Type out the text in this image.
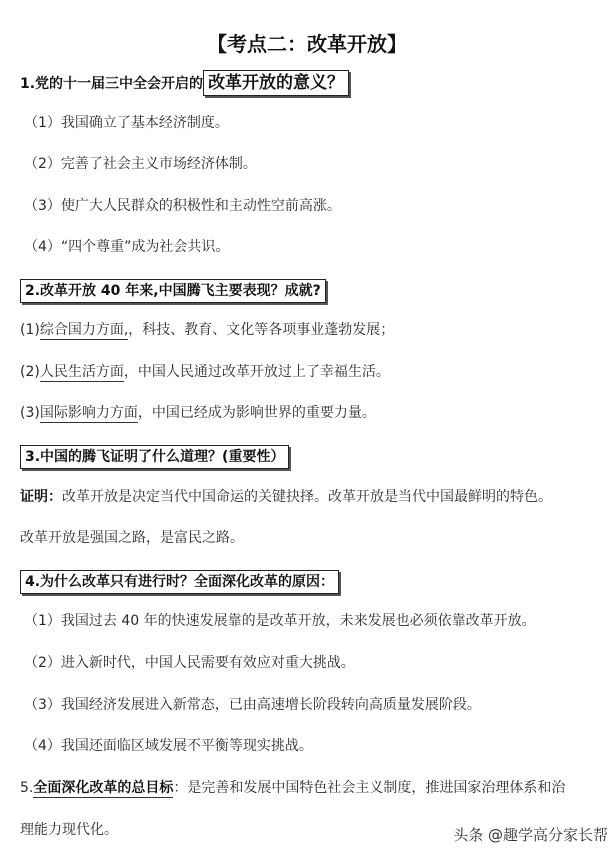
【考点二：改革开放】
1.党的十一届三中全会开启的 改革开放的意义？
（1）我国确立了基本经济制度。
（2）完善了社会主义市场经济体制。
（3）使广大人民群众的积极性和主动性空前高涨。
（4）“四个尊重”成为社会共识。
2.改革开放 40 年来,中国腾飞主要表现？成就?
(1)综合国力方面,，科技、教育、文化等各项事业蓬勃发展；
(2)人民生活方面，中国人民通过改革开放过上了幸福生活。
(3)国际影响力方面，中国已经成为影响世界的重要力量。
3.中国的腾飞证明了什么道理？(重要性）
证明：改革开放是决定当代中国命运的关键抉择。改革开放是当代中国最鲜明的特色。
改革开放是强国之路，是富民之路。
4.为什么改革只有进行时？全面深化改革的原因：
（1）我国过去 40 年的快速发展靠的是改革开放，未来发展也必须依靠改革开放。
（2）进入新时代，中国人民需要有效应对重大挑战。
（3）我国经济发展进入新常态，已由高速增长阶段转向高质量发展阶段。
（4）我国还面临区域发展不平衡等现实挑战。
5.全面深化改革的总目标：是完善和发展中国特色社会主义制度，推进国家治理体系和治
理能力现代化。	头条 @趣学高分家长帮
